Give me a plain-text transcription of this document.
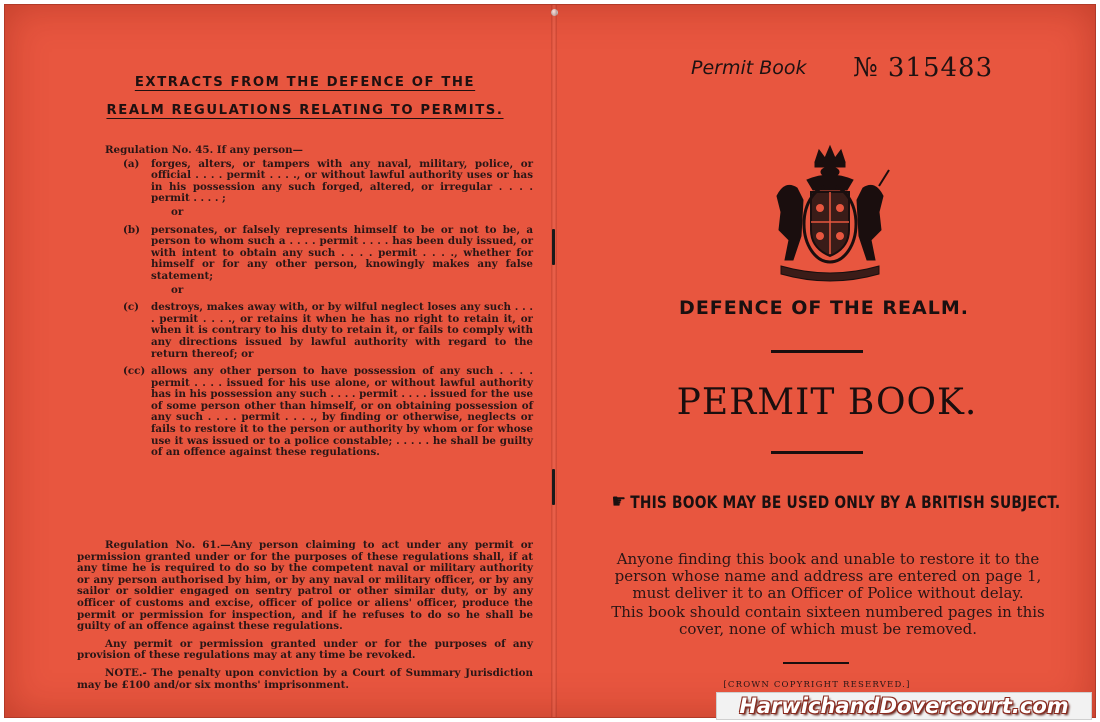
EXTRACTS FROM THE DEFENCE OF THE
REALM REGULATIONS RELATING TO PERMITS.

Regulation No. 45. If any person—

(a)	forges, alters, or tampers with any naval, military, police, or official . . . . permit . . . ., or without lawful authority uses or has in his possession any such forged, altered, or irregular . . . . permit . . . . ;

or

(b)	personates, or falsely represents himself to be or not to be, a person to whom such a . . . . permit . . . . has been duly issued, or with intent to obtain any such . . . . permit . . . ., whether for himself or for any other person, knowingly makes any false statement;

or

(c)	destroys, makes away with, or by wilful neglect loses any such . . . . permit . . . ., or retains it when he has no right to retain it, or when it is contrary to his duty to retain it, or fails to comply with any directions issued by lawful authority with regard to the return thereof; or

(cc) allows any other person to have possession of any such . . . . permit . . . . issued for his use alone, or without lawful authority has in his possession any such . . . . permit . . . . issued for the use of some person other than himself, or on obtaining possession of any such . . . . permit . . . ., by finding or otherwise, neglects or fails to restore it to the person or authority by whom or for whose use it was issued or to a police constable; . . . . . he shall be guilty of an offence against these regulations.

Regulation No. 61.—Any person claiming to act under any permit or permission granted under or for the purposes of these regulations shall, if at any time he is required to do so by the competent naval or military authority or any person authorised by him, or by any naval or military officer, or by any sailor or soldier engaged on sentry patrol or other similar duty, or by any officer of customs and excise, officer of police or aliens' officer, produce the permit or permission for inspection, and if he refuses to do so he shall be guilty of an offence against these regulations.

Any permit or permission granted under or for the purposes of any provision of these regulations may at any time be revoked.

NOTE.- The penalty upon conviction by a Court of Summary Jurisdiction may be £100 and/or six months' imprisonment.

Permit Book № 315483
DEFENCE OF THE REALM.
PERMIT BOOK.
☛ THIS BOOK MAY BE USED ONLY BY A BRITISH SUBJECT.

Anyone finding this book and unable to restore it to the person whose name and address are entered on page 1, must deliver it to an Officer of Police without delay.

This book should contain sixteen numbered pages in this cover, none of which must be removed.

[CROWN COPYRIGHT RESERVED.]
HarwichandDovercourt.com
